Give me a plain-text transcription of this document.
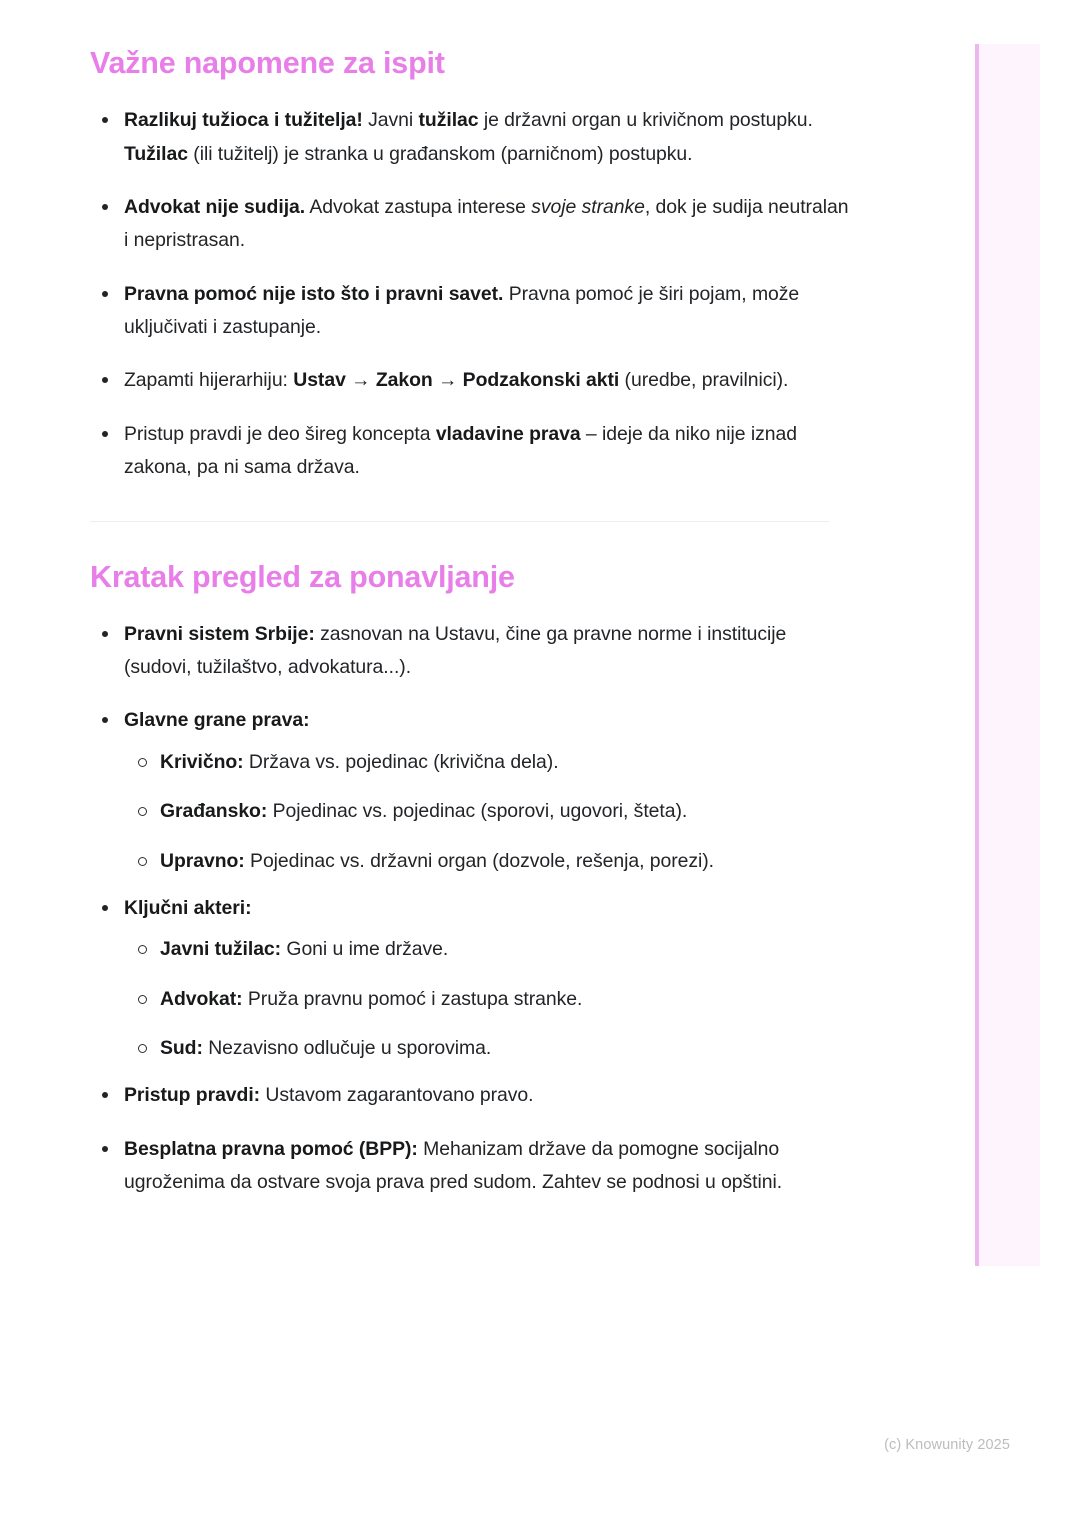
Važne napomene za ispit
Razlikuj tužioca i tužitelja! Javni tužilac je državni organ u krivičnom postupku. Tužilac (ili tužitelj) je stranka u građanskom (parničnom) postupku.
Advokat nije sudija. Advokat zastupa interese svoje stranke, dok je sudija neutralan i nepristrasan.
Pravna pomoć nije isto što i pravni savet. Pravna pomoć je širi pojam, može uključivati i zastupanje.
Zapamti hijerarhiju: Ustav → Zakon → Podzakonski akti (uredbe, pravilnici).
Pristup pravdi je deo šireg koncepta vladavine prava – ideje da niko nije iznad zakona, pa ni sama država.
Kratak pregled za ponavljanje
Pravni sistem Srbije: zasnovan na Ustavu, čine ga pravne norme i institucije (sudovi, tužilaštvo, advokatura...).
Glavne grane prava:
Krivično: Država vs. pojedinac (krivična dela).
Građansko: Pojedinac vs. pojedinac (sporovi, ugovori, šteta).
Upravno: Pojedinac vs. državni organ (dozvole, rešenja, porezi).
Ključni akteri:
Javni tužilac: Goni u ime države.
Advokat: Pruža pravnu pomoć i zastupa stranke.
Sud: Nezavisno odlučuje u sporovima.
Pristup pravdi: Ustavom zagarantovano pravo.
Besplatna pravna pomoć (BPP): Mehanizam države da pomogne socijalno ugroženima da ostvare svoja prava pred sudom. Zahtev se podnosi u opštini.
(c) Knowunity 2025
